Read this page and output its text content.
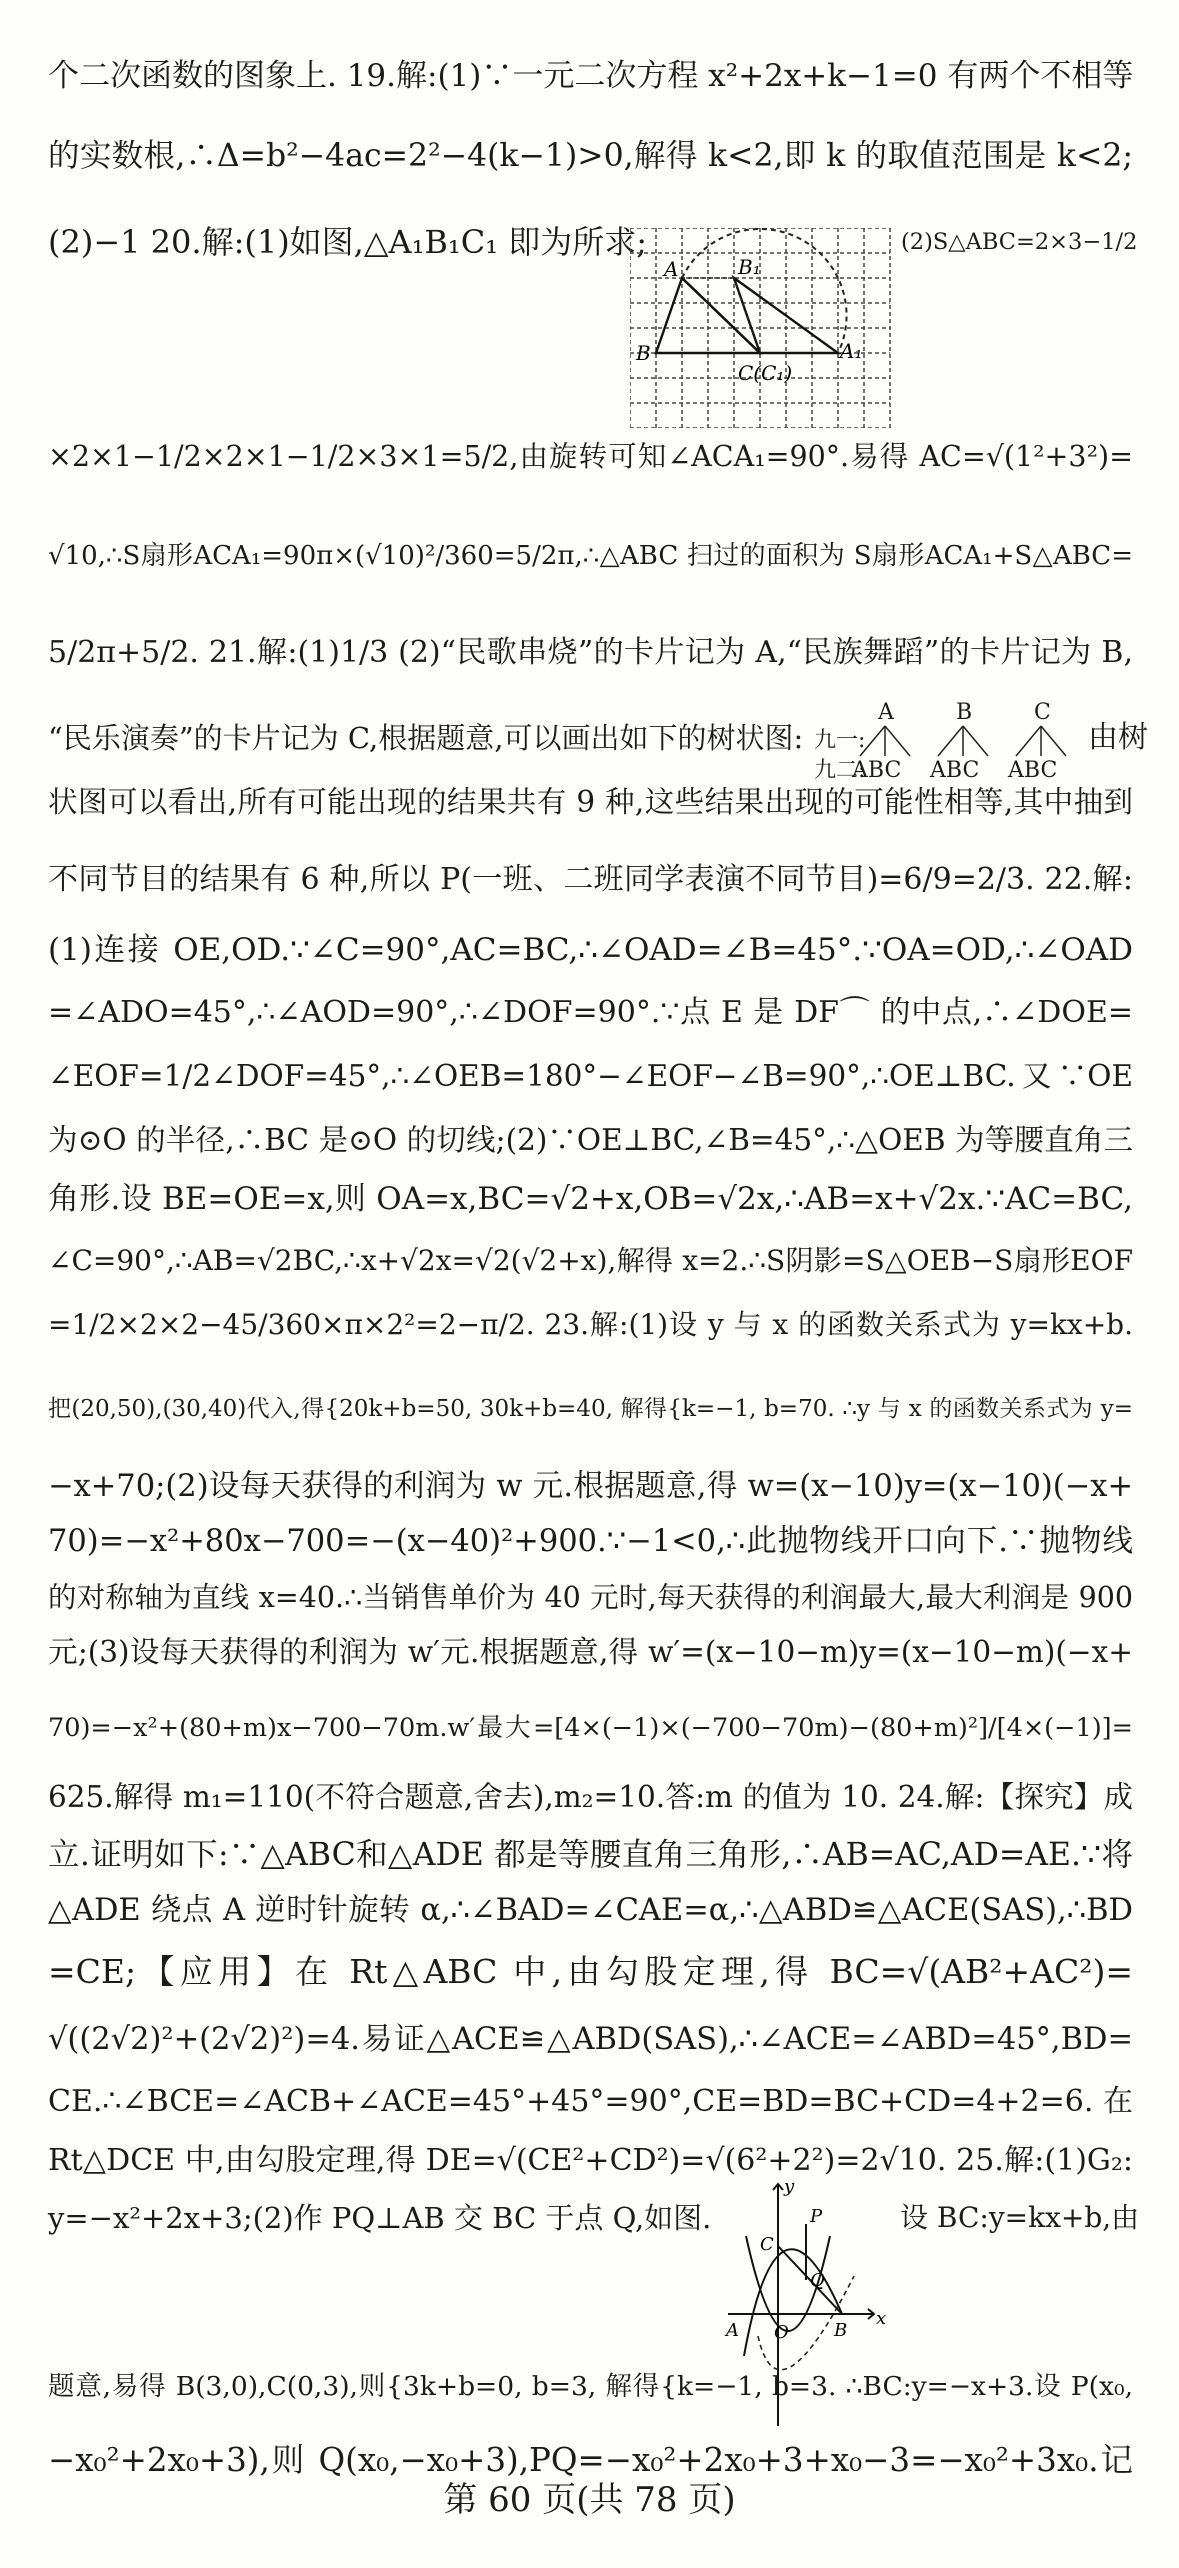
个二次函数的图象上. 19.解:(1)∵一元二次方程 x²+2x+k−1=0 有两个不相等
的实数根,∴Δ=b²−4ac=2²−4(k−1)>0,解得 k<2,即 k 的取值范围是 k<2;
(2)−1 20.解:(1)如图,△A₁B₁C₁ 即为所求;	(2)S△ABC=2×3−1/2
A
B
B₁
C(C₁)
A₁
×2×1−1/2×2×1−1/2×3×1=5/2,由旋转可知∠ACA₁=90°.易得 AC=√(1²+3²)=
√10,∴S扇形ACA₁=90π×(√10)²/360=5/2π,∴△ABC 扫过的面积为 S扇形ACA₁+S△ABC=
5/2π+5/2. 21.解:(1)1/3 (2)“民歌串烧”的卡片记为 A,“民族舞蹈”的卡片记为 B,
“民乐演奏”的卡片记为 C,根据题意,可以画出如下的树状图: 九一:
九二:
A	B	C
ABC ABC ABC
由树
状图可以看出,所有可能出现的结果共有 9 种,这些结果出现的可能性相等,其中抽到
不同节目的结果有 6 种,所以 P(一班、二班同学表演不同节目)=6/9=2/3. 22.解:
(1)连接 OE,OD.∵∠C=90°,AC=BC,∴∠OAD=∠B=45°.∵OA=OD,∴∠OAD
=∠ADO=45°,∴∠AOD=90°,∴∠DOF=90°.∵点 E 是 DF⌒ 的中点,∴∠DOE=
∠EOF=1/2∠DOF=45°,∴∠OEB=180°−∠EOF−∠B=90°,∴OE⊥BC.又∵OE
为⊙O 的半径,∴BC 是⊙O 的切线;(2)∵OE⊥BC,∠B=45°,∴△OEB 为等腰直角三
角形.设 BE=OE=x,则 OA=x,BC=√2+x,OB=√2x,∴AB=x+√2x.∵AC=BC,
∠C=90°,∴AB=√2BC,∴x+√2x=√2(√2+x),解得 x=2.∴S阴影=S△OEB−S扇形EOF
=1/2×2×2−45/360×π×2²=2−π/2. 23.解:(1)设 y 与 x 的函数关系式为 y=kx+b.
把(20,50),(30,40)代入,得{20k+b=50, 30k+b=40, 解得{k=−1, b=70. ∴y 与 x 的函数关系式为 y=
−x+70;(2)设每天获得的利润为 w 元.根据题意,得 w=(x−10)y=(x−10)(−x+
70)=−x²+80x−700=−(x−40)²+900.∵−1<0,∴此抛物线开口向下.∵抛物线
的对称轴为直线 x=40.∴当销售单价为 40 元时,每天获得的利润最大,最大利润是 900
元;(3)设每天获得的利润为 w′元.根据题意,得 w′=(x−10−m)y=(x−10−m)(−x+
70)=−x²+(80+m)x−700−70m.w′最大=[4×(−1)×(−700−70m)−(80+m)²]/[4×(−1)]=
625.解得 m₁=110(不符合题意,舍去),m₂=10.答:m 的值为 10. 24.解:【探究】成
立.证明如下:∵△ABC和△ADE 都是等腰直角三角形,∴AB=AC,AD=AE.∵将
△ADE 绕点 A 逆时针旋转 α,∴∠BAD=∠CAE=α,∴△ABD≌△ACE(SAS),∴BD
=CE;【应用】在 Rt△ABC 中,由勾股定理,得 BC=√(AB²+AC²)=
√((2√2)²+(2√2)²)=4.易证△ACE≌△ABD(SAS),∴∠ACE=∠ABD=45°,BD=
CE.∴∠BCE=∠ACB+∠ACE=45°+45°=90°,CE=BD=BC+CD=4+2=6.在
Rt△DCE 中,由勾股定理,得 DE=√(CE²+CD²)=√(6²+2²)=2√10. 25.解:(1)G₂:
y=−x²+2x+3;(2)作 PQ⊥AB 交 BC 于点 Q,如图.
y
x
A O	B
C
P
Q
设 BC:y=kx+b,由
题意,易得 B(3,0),C(0,3),则{3k+b=0, b=3, 解得{k=−1, b=3. ∴BC:y=−x+3.设 P(x₀,
−x₀²+2x₀+3),则 Q(x₀,−x₀+3),PQ=−x₀²+2x₀+3+x₀−3=−x₀²+3x₀.记
第 60 页(共 78 页)
